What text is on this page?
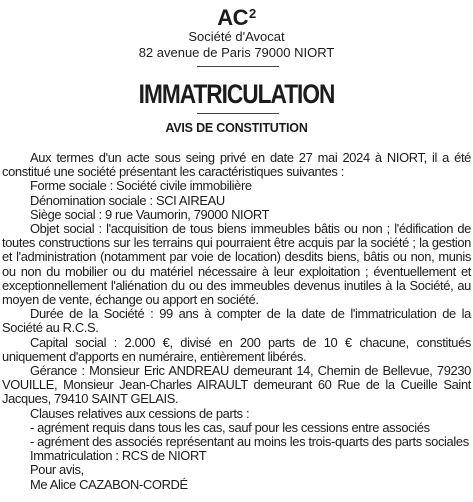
$AC^2$
Société d'Avocat
82 avenue de Paris 79000 NIORT
IMMATRICULATION
AVIS DE CONSTITUTION

Aux termes d'un acte sous seing privé en date 27 mai 2024 à NIORT, il a été constitué une société présentant les caractéristiques suivantes :

Forme sociale : Société civile immobilière

Dénomination sociale : SCI AIREAU

Siège social : 9 rue Vaumorin, 79000 NIORT

Objet social : l'acquisition de tous biens immeubles bâtis ou non ; l'édification de toutes constructions sur les terrains qui pourraient être acquis par la société ; la gestion et l'administration (notamment par voie de location) desdits biens, bâtis ou non, munis ou non du mobilier ou du matériel nécessaire à leur exploitation ; éventuellement et exceptionnellement l'aliénation du ou des immeubles devenus inutiles à la Société, au moyen de vente, échange ou apport en société.

Durée de la Société : 99 ans à compter de la date de l'immatriculation de la Société au R.C.S.

Capital social : 2.000 €, divisé en 200 parts de 10 € chacune, constitués uniquement d'apports en numéraire, entièrement libérés.

Gérance : Monsieur Eric ANDREAU demeurant 14, Chemin de Bellevue, 79230 VOUILLE, Monsieur Jean-Charles AIRAULT demeurant 60 Rue de la Cueille Saint Jacques, 79410 SAINT GELAIS.

Clauses relatives aux cessions de parts :

- agrément requis dans tous les cas, sauf pour les cessions entre associés

- agrément des associés représentant au moins les trois-quarts des parts sociales

Immatriculation : RCS de NIORT

Pour avis,

Me Alice CAZABON-CORDÉ
